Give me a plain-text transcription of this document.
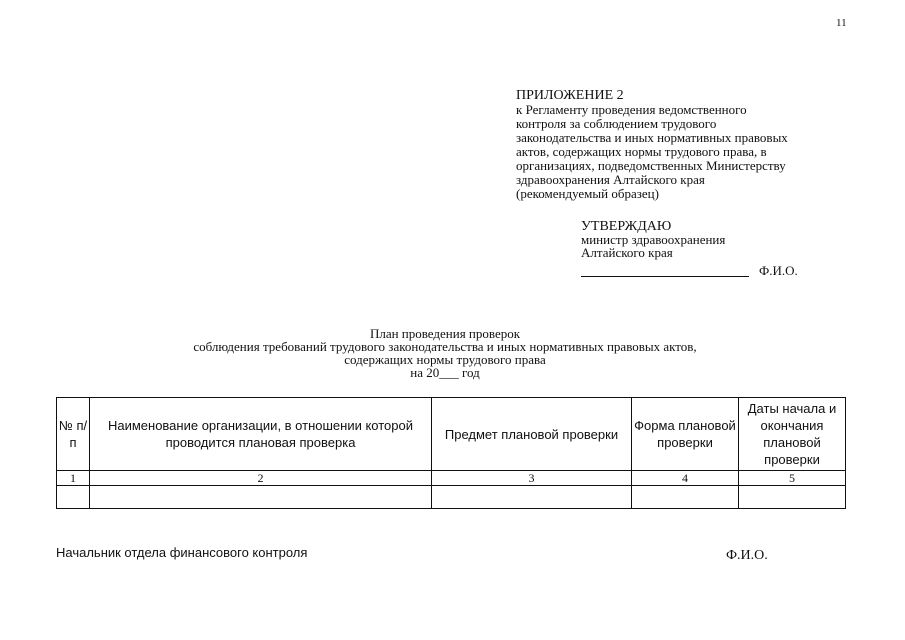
11
ПРИЛОЖЕНИЕ 2
к Регламенту проведения ведомственного
контроля за соблюдением трудового
законодательства и иных нормативных правовых
актов, содержащих нормы трудового права, в
организациях, подведомственных Министерству
здравоохранения Алтайского края
(рекомендуемый образец)
УТВЕРЖДАЮ
министр здравоохранения
Алтайского края
Ф.И.О.
План проведения проверок
соблюдения требований трудового законодательства и иных нормативных правовых актов,
содержащих нормы трудового права
на 20___ год
№ п/п	Наименование организации, в отношении которой проводится плановая проверка	Предмет плановой проверки	Форма плановой проверки	Даты начала и окончания плановой проверки
1	2	3	4	5

Начальник отдела финансового контроля	Ф.И.О.
